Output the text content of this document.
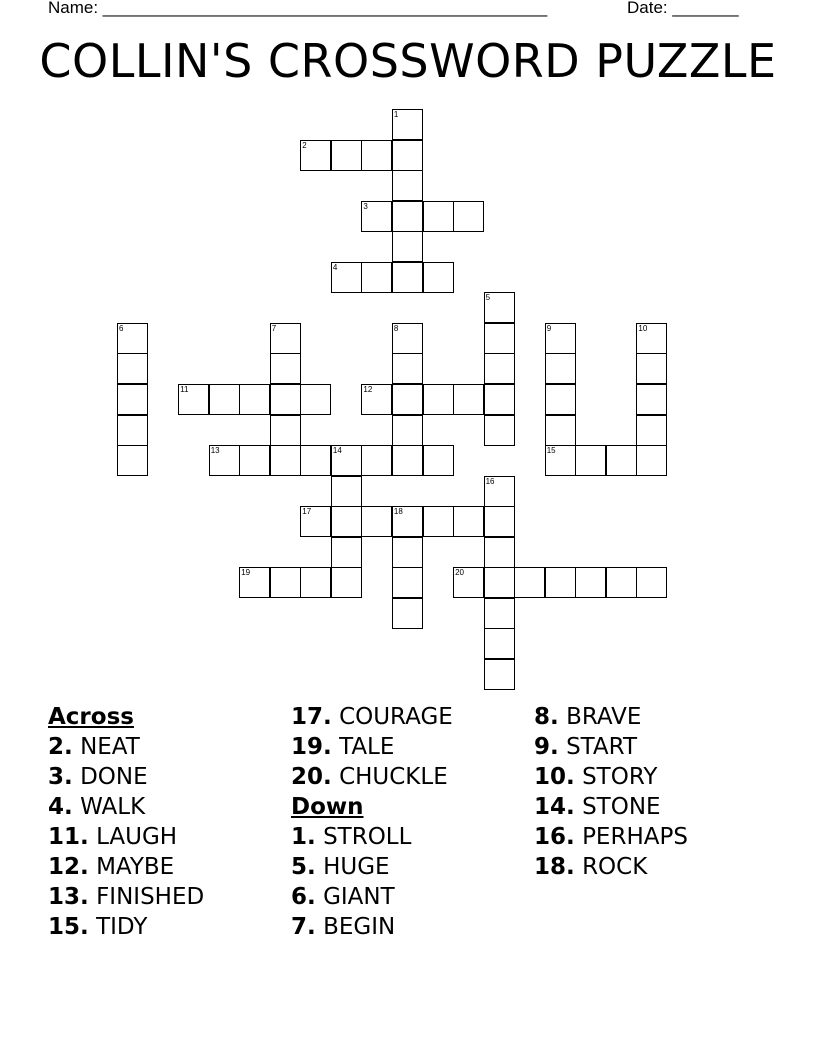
Name: _______________________________________________	Date: _______
COLLIN'S CROSSWORD PUZZLE
1
2
3
4
5
6	7	8	9
15
10
11	12
13	14
16
17	18
19	20
Across
2. NEAT
3. DONE
4. WALK
11. LAUGH
12. MAYBE
13. FINISHED
15. TIDY
17. COURAGE
19. TALE
20. CHUCKLE
Down
1. STROLL
5. HUGE
6. GIANT
7. BEGIN
8. BRAVE
9. START
10. STORY
14. STONE
16. PERHAPS
18. ROCK
